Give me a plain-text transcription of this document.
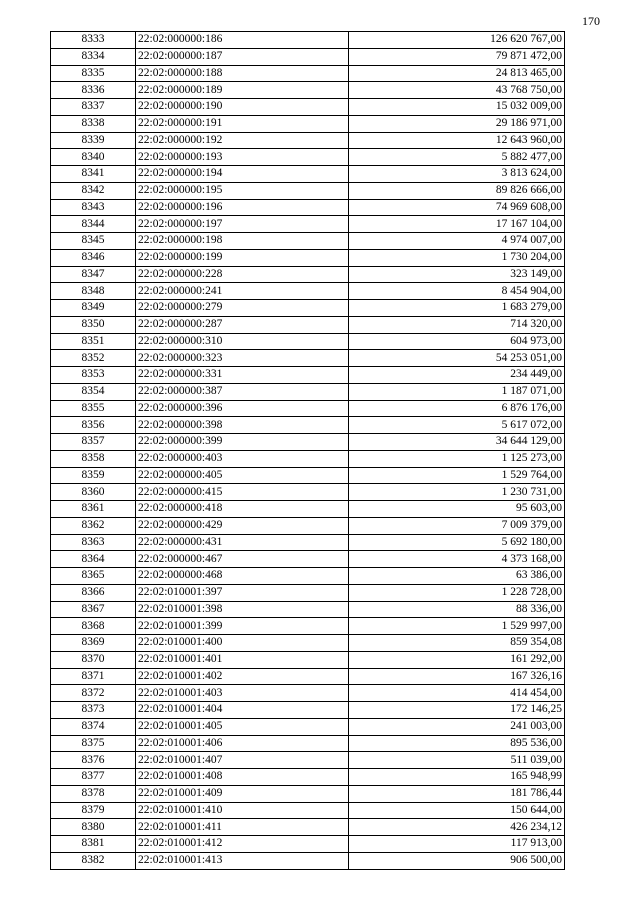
170
8333	22:02:000000:186	126 620 767,00
8334	22:02:000000:187	79 871 472,00
8335	22:02:000000:188	24 813 465,00
8336	22:02:000000:189	43 768 750,00
8337	22:02:000000:190	15 032 009,00
8338	22:02:000000:191	29 186 971,00
8339	22:02:000000:192	12 643 960,00
8340	22:02:000000:193	5 882 477,00
8341	22:02:000000:194	3 813 624,00
8342	22:02:000000:195	89 826 666,00
8343	22:02:000000:196	74 969 608,00
8344	22:02:000000:197	17 167 104,00
8345	22:02:000000:198	4 974 007,00
8346	22:02:000000:199	1 730 204,00
8347	22:02:000000:228	323 149,00
8348	22:02:000000:241	8 454 904,00
8349	22:02:000000:279	1 683 279,00
8350	22:02:000000:287	714 320,00
8351	22:02:000000:310	604 973,00
8352	22:02:000000:323	54 253 051,00
8353	22:02:000000:331	234 449,00
8354	22:02:000000:387	1 187 071,00
8355	22:02:000000:396	6 876 176,00
8356	22:02:000000:398	5 617 072,00
8357	22:02:000000:399	34 644 129,00
8358	22:02:000000:403	1 125 273,00
8359	22:02:000000:405	1 529 764,00
8360	22:02:000000:415	1 230 731,00
8361	22:02:000000:418	95 603,00
8362	22:02:000000:429	7 009 379,00
8363	22:02:000000:431	5 692 180,00
8364	22:02:000000:467	4 373 168,00
8365	22:02:000000:468	63 386,00
8366	22:02:010001:397	1 228 728,00
8367	22:02:010001:398	88 336,00
8368	22:02:010001:399	1 529 997,00
8369	22:02:010001:400	859 354,08
8370	22:02:010001:401	161 292,00
8371	22:02:010001:402	167 326,16
8372	22:02:010001:403	414 454,00
8373	22:02:010001:404	172 146,25
8374	22:02:010001:405	241 003,00
8375	22:02:010001:406	895 536,00
8376	22:02:010001:407	511 039,00
8377	22:02:010001:408	165 948,99
8378	22:02:010001:409	181 786,44
8379	22:02:010001:410	150 644,00
8380	22:02:010001:411	426 234,12
8381	22:02:010001:412	117 913,00
8382	22:02:010001:413	906 500,00
